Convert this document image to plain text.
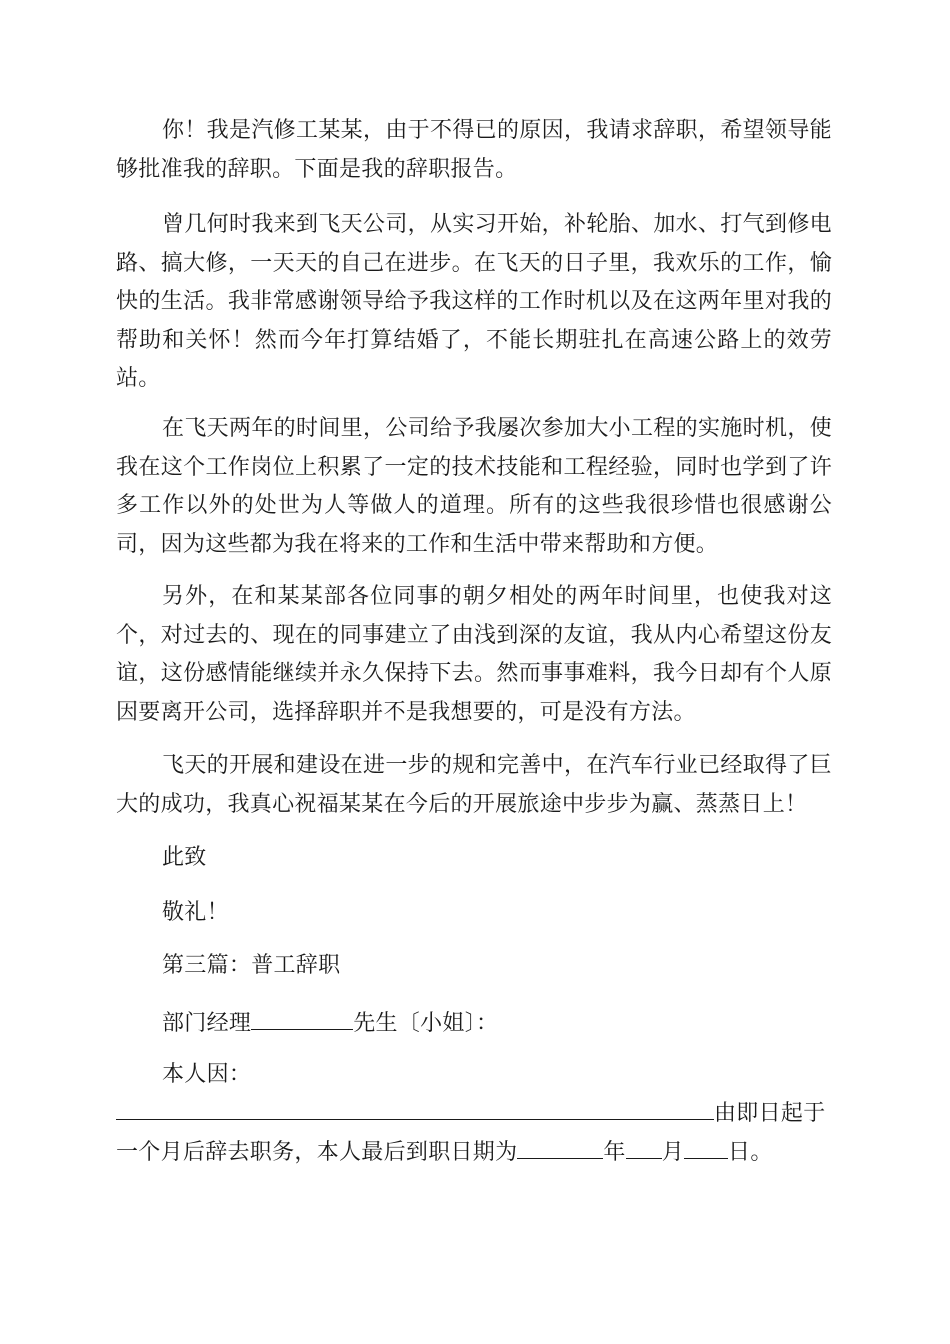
你！我是汽修工某某，由于不得已的原因，我请求辞职，希望领导能够批准我的辞职。下面是我的辞职报告。

曾几何时我来到飞天公司，从实习开始，补轮胎、加水、打气到修电路、搞大修，一天天的自己在进步。在飞天的日子里，我欢乐的工作，愉快的生活。我非常感谢领导给予我这样的工作时机以及在这两年里对我的帮助和关怀！然而今年打算结婚了，不能长期驻扎在高速公路上的效劳站。

在飞天两年的时间里，公司给予我屡次参加大小工程的实施时机，使我在这个工作岗位上积累了一定的技术技能和工程经验，同时也学到了许多工作以外的处世为人等做人的道理。所有的这些我很珍惜也很感谢公司，因为这些都为我在将来的工作和生活中带来帮助和方便。

另外，在和某某部各位同事的朝夕相处的两年时间里，也使我对这个，对过去的、现在的同事建立了由浅到深的友谊，我从内心希望这份友谊，这份感情能继续并永久保持下去。然而事事难料，我今日却有个人原因要离开公司，选择辞职并不是我想要的，可是没有方法。

飞天的开展和建设在进一步的规和完善中，在汽车行业已经取得了巨大的成功，我真心祝福某某在今后的开展旅途中步步为赢、蒸蒸日上！

此致

敬礼！

第三篇：普工辞职

部门经理	先生〔小姐〕：

本人因：

由即日起于

一个月后辞去职务，本人最后到职日期为	年 月 日。
